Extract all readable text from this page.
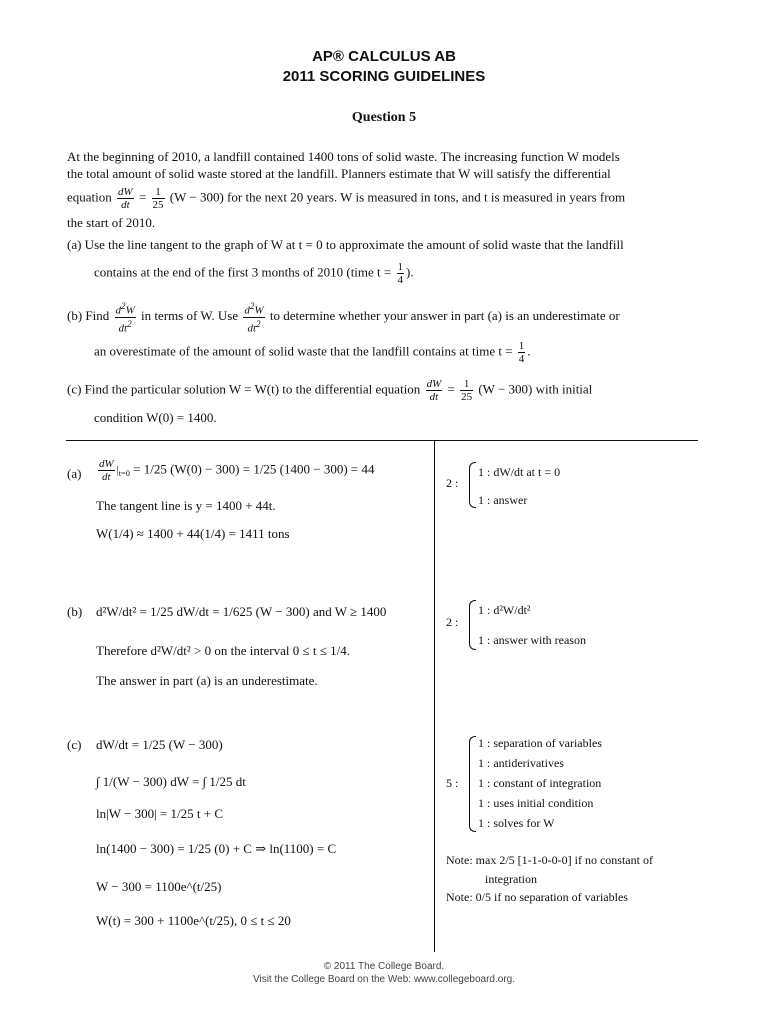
AP® CALCULUS AB
2011 SCORING GUIDELINES
Question 5
At the beginning of 2010, a landfill contained 1400 tons of solid waste. The increasing function W models
the total amount of solid waste stored at the landfill. Planners estimate that W will satisfy the differential
equation $\frac{dW}{dt} = \frac{1}{25} (W - 300)$ for the next 20 years. W is measured in tons, and t is measured in years from
the start of 2010.
(a) Use the line tangent to the graph of W at t = 0 to approximate the amount of solid waste that the landfill
contains at the end of the first 3 months of 2010 (time $t = \frac{1}{4}$ ).
(b) Find $\frac{d^2W}{dt^2}$ in terms of W. Use $\frac{d^2W}{dt^2}$ to determine whether your answer in part (a) is an underestimate or
an overestimate of the amount of solid waste that the landfill contains at time $t = \frac{1}{4}$ .
(c) Find the particular solution W = W(t) to the differential equation $\frac{dW}{dt} = \frac{1}{25} (W - 300)$ with initial
condition W(0) = 1400.
$(a) \frac{dW}{dt} |_{t=0} = 1/25$ (W(0) − 300) = 1/25 (1400 − 300) = 44
The tangent line is y = 1400 + 44t.
W(1/4) ≈ 1400 + 44(1/4) = 1411 tons
(b) d²W/dt² = 1/25 dW/dt = 1/625 (W − 300) and W ≥ 1400
Therefore d²W/dt² > 0 on the interval 0 ≤ t ≤ 1/4.
The answer in part (a) is an underestimate.
(c) dW/dt = 1/25 (W − 300)
∫ 1/(W − 300) dW = ∫ 1/25 dt
ln|W − 300| = 1/25 t + C
ln(1400 − 300) = 1/25 (0) + C ⇒ ln(1100) = C
W − 300 = 1100e^(t/25)
W(t) = 300 + 1100e^(t/25), 0 ≤ t ≤ 20
2 :
1 : dW/dt at t = 0
1 : answer
2 :
1 : d²W/dt²
1 : answer with reason
5 :
1 : separation of variables
1 : antiderivatives
1 : constant of integration
1 : uses initial condition
1 : solves for W
Note: max 2/5 [1-1-0-0-0] if no constant of
integration
Note: 0/5 if no separation of variables
© 2011 The College Board.
Visit the College Board on the Web: www.collegeboard.org.
